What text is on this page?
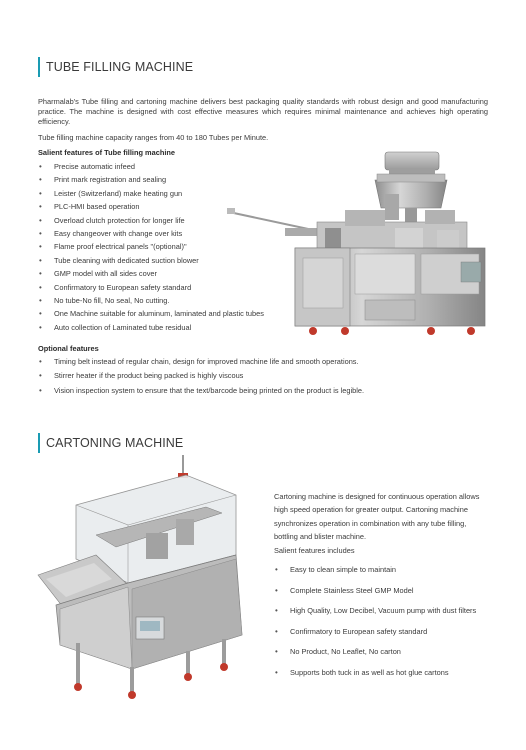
TUBE FILLING MACHINE
Pharmalab's Tube filling and cartoning machine delivers best packaging quality standards with robust design and good manufacturing practice. The machine is designed with cost effective measures which requires minimal maintenance and achieves high operating efficiency.
Tube filling machine capacity ranges from 40 to 180 Tubes per Minute.
Salient features of Tube filling machine
• Precise automatic infeed
• Print mark registration and sealing
• Leister (Switzerland) make heating gun
• PLC-HMI based operation
• Overload clutch protection for longer life
• Easy changeover with change over kits
• Flame proof electrical panels "(optional)"
• Tube cleaning with dedicated suction blower
• GMP model with all sides cover
• Confirmatory to European safety standard
• No tube-No fill, No seal, No cutting.
• One Machine suitable for aluminum, laminated and plastic tubes
• Auto collection of Laminated tube residual
Optional features
• Timing belt instead of regular chain, design for improved machine life and smooth operations.
• Stirrer heater if the product being packed is highly viscous
• Vision inspection system to ensure that the text/barcode being printed on the product is legible.
CARTONING MACHINE
Cartoning machine is designed for continuous operation allows high speed operation for greater output. Cartoning machine synchronizes operation in combination with any tube filling, bottling and blister machine.
Salient features includes
• Easy to clean simple to maintain
• Complete Stainless Steel GMP Model
• High Quality, Low Decibel, Vacuum pump with dust filters
• Confirmatory to European safety standard
• No Product, No Leaflet, No carton
• Supports both tuck in as well as hot glue cartons
